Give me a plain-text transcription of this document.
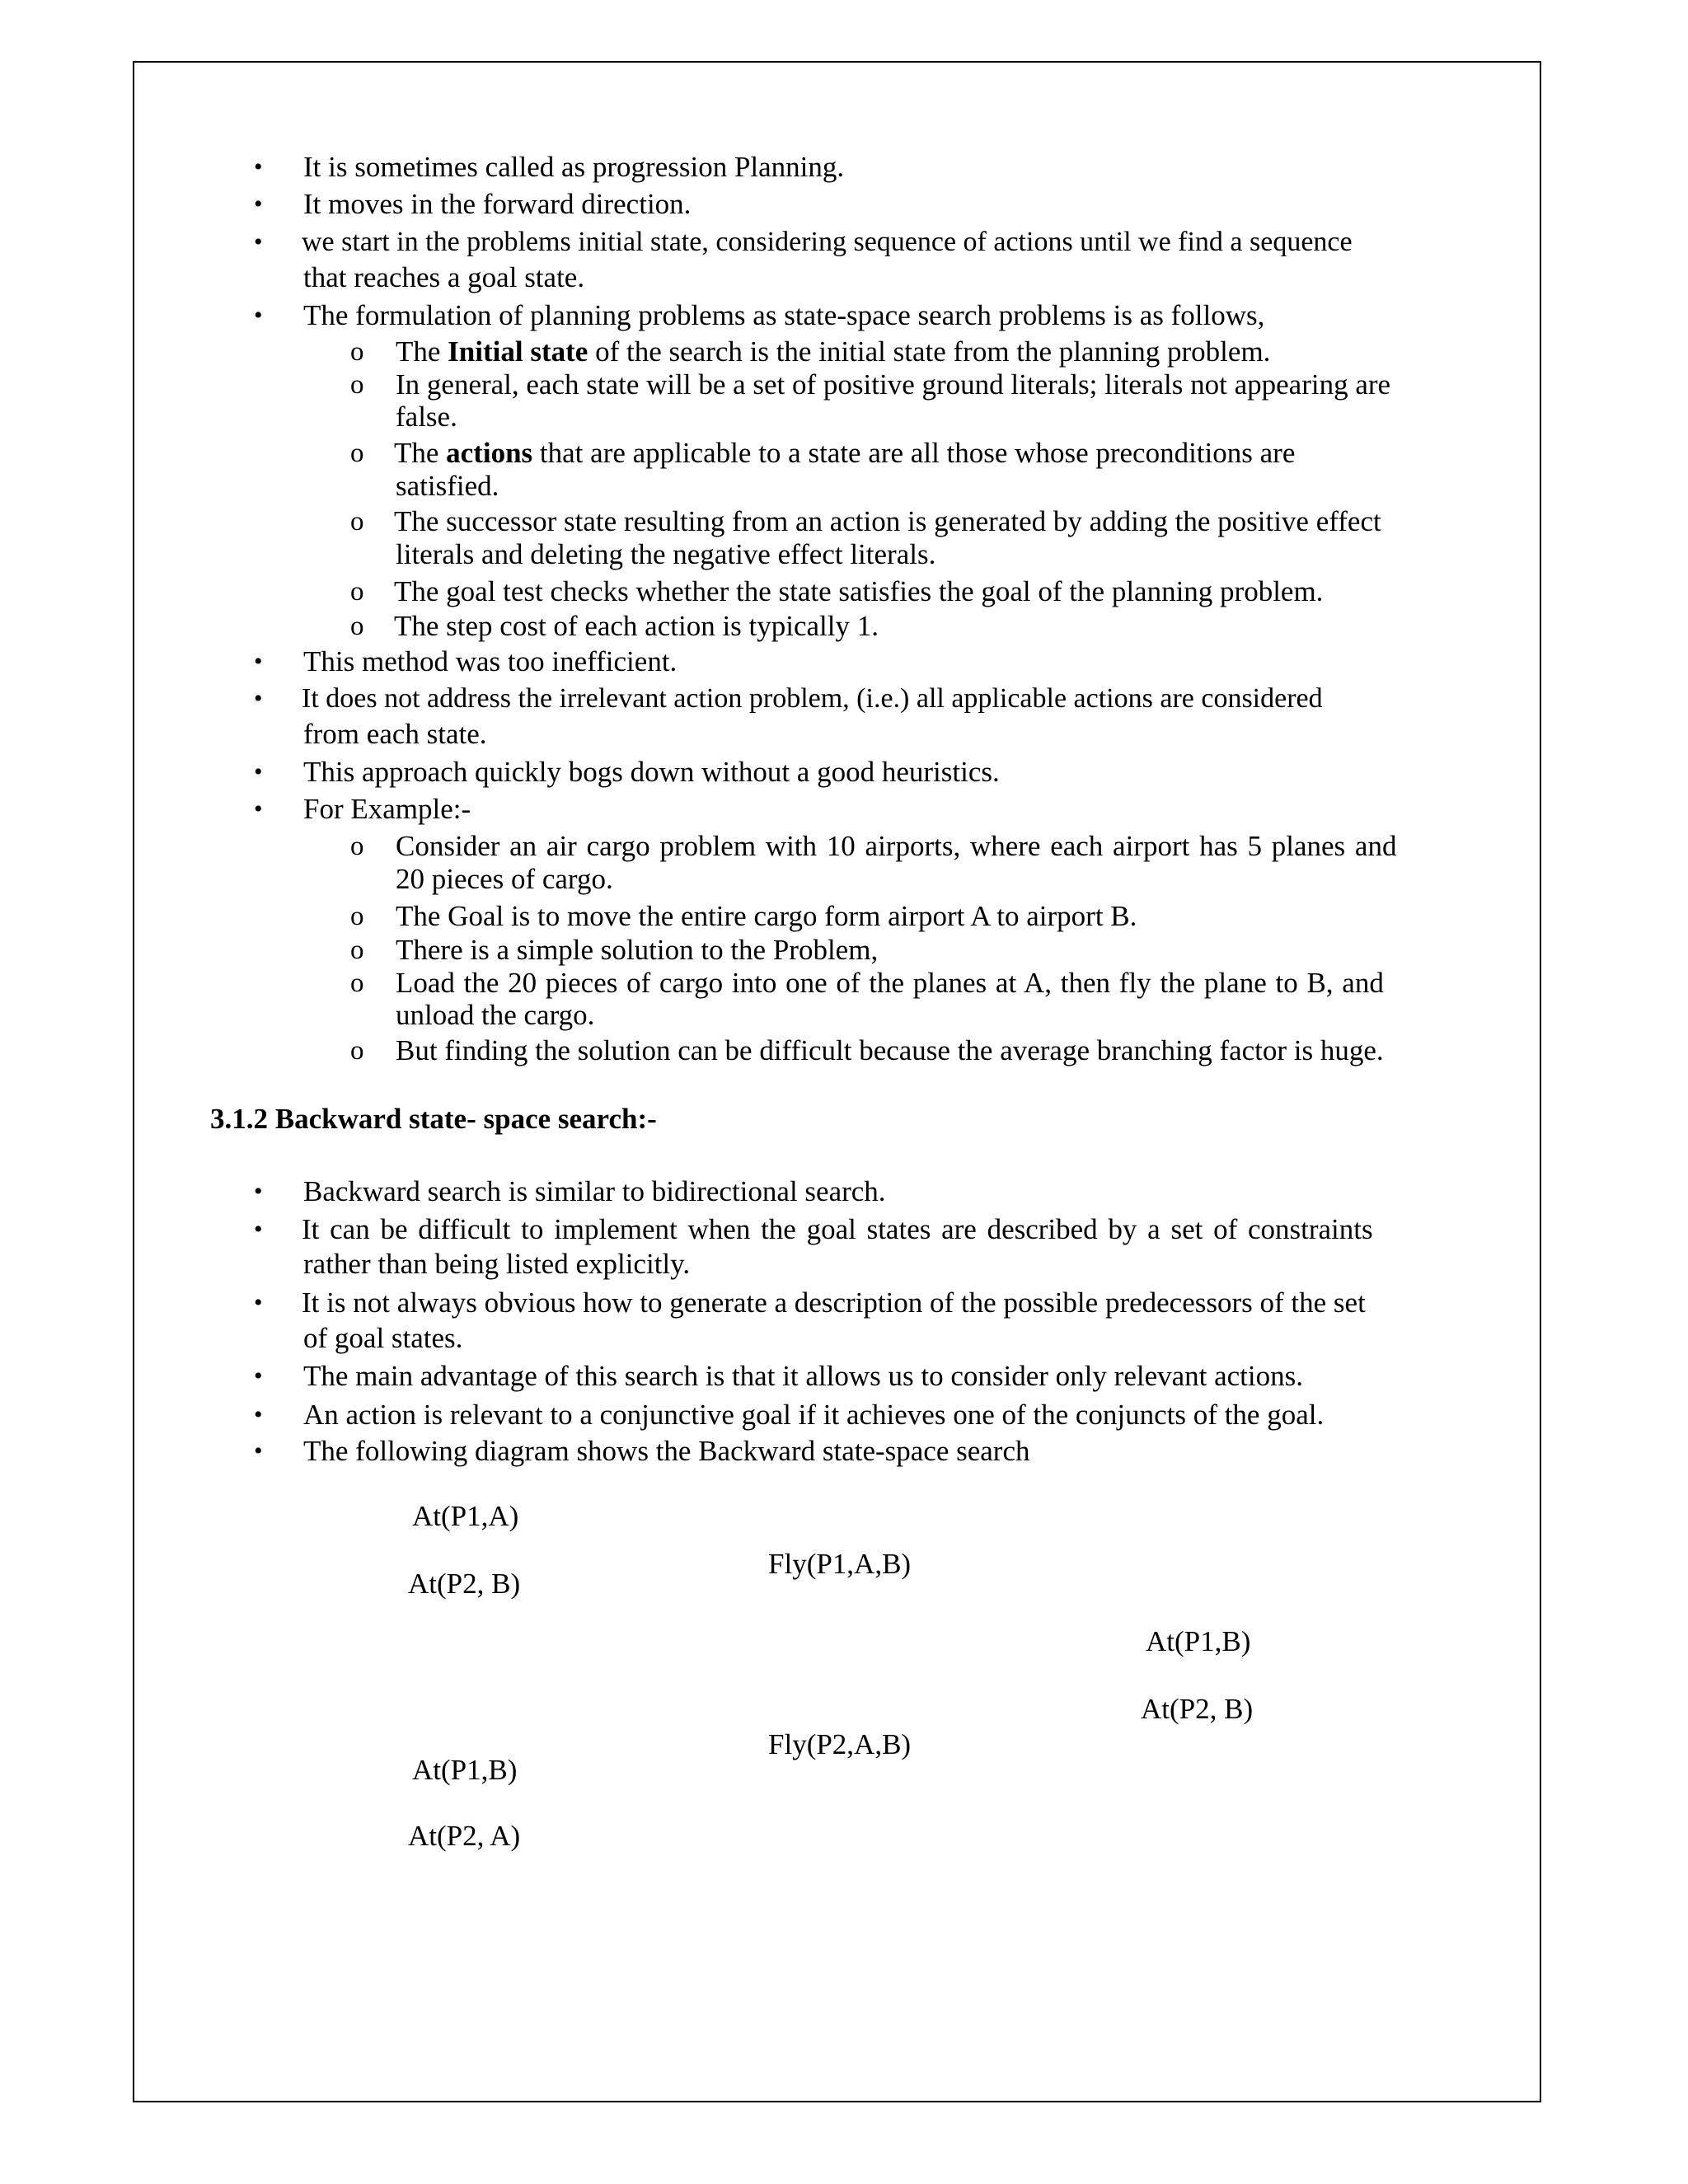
• It is sometimes called as progression Planning.
• It moves in the forward direction.
• we start in the problems initial state, considering sequence of actions until we find a sequence
that reaches a goal state.
• The formulation of planning problems as state-space search problems is as follows,
o The Initial state of the search is the initial state from the planning problem.
o In general, each state will be a set of positive ground literals; literals not appearing are
false.
o The actions that are applicable to a state are all those whose preconditions are
satisfied.
o The successor state resulting from an action is generated by adding the positive effect
literals and deleting the negative effect literals.
o The goal test checks whether the state satisfies the goal of the planning problem.
o The step cost of each action is typically 1.
• This method was too inefficient.
• It does not address the irrelevant action problem, (i.e.) all applicable actions are considered
from each state.
• This approach quickly bogs down without a good heuristics.
• For Example:-
o Consider an air cargo problem with 10 airports, where each airport has 5 planes and
20 pieces of cargo.
o The Goal is to move the entire cargo form airport A to airport B.
o There is a simple solution to the Problem,
o Load the 20 pieces of cargo into one of the planes at A, then fly the plane to B, and
unload the cargo.
o But finding the solution can be difficult because the average branching factor is huge.
3.1.2 Backward state- space search:-
• Backward search is similar to bidirectional search.
• It can be difficult to implement when the goal states are described by a set of constraints
rather than being listed explicitly.
• It is not always obvious how to generate a description of the possible predecessors of the set
of goal states.
• The main advantage of this search is that it allows us to consider only relevant actions.
• An action is relevant to a conjunctive goal if it achieves one of the conjuncts of the goal.
• The following diagram shows the Backward state-space search
At(P1,A)
At(P2, B)
Fly(P1,A,B)
At(P1,B)
At(P2, B)
Fly(P2,A,B)
At(P1,B)
At(P2, A)
